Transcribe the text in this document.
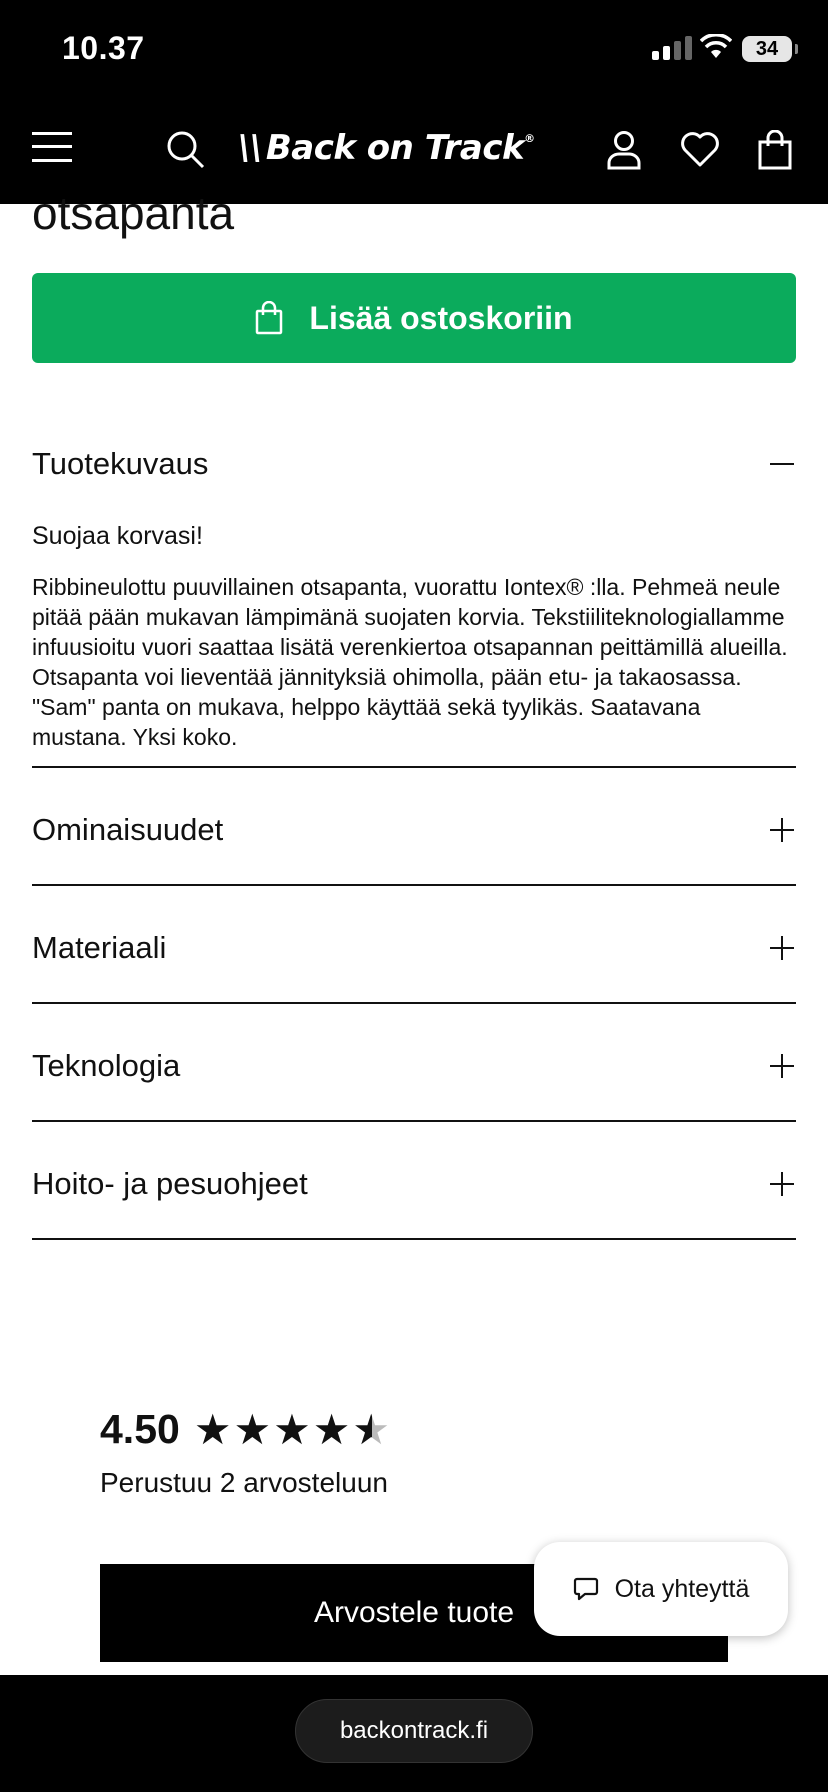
10.37	34
\\ Back on Track®
otsapanta
Lisää ostoskoriin
Tuotekuvaus
Suojaa korvasi!
Ribbineulottu puuvillainen otsapanta, vuorattu Iontex® :lla. Pehmeä neule pitää pään mukavan lämpimänä suojaten korvia. Tekstiiliteknologiallamme infuusioitu vuori saattaa lisätä verenkiertoa otsapannan peittämillä alueilla. Otsapanta voi lieventää jännityksiä ohimolla, pään etu- ja takaosassa. "Sam" panta on mukava, helppo käyttää sekä tyylikäs. Saatavana mustana. Yksi koko.
Ominaisuudet
Materiaali
Teknologia
Hoito- ja pesuohjeet
4.50 ★★★★★
Perustuu 2 arvosteluun
Arvostele tuote
Ota yhteyttä
backontrack.fi
